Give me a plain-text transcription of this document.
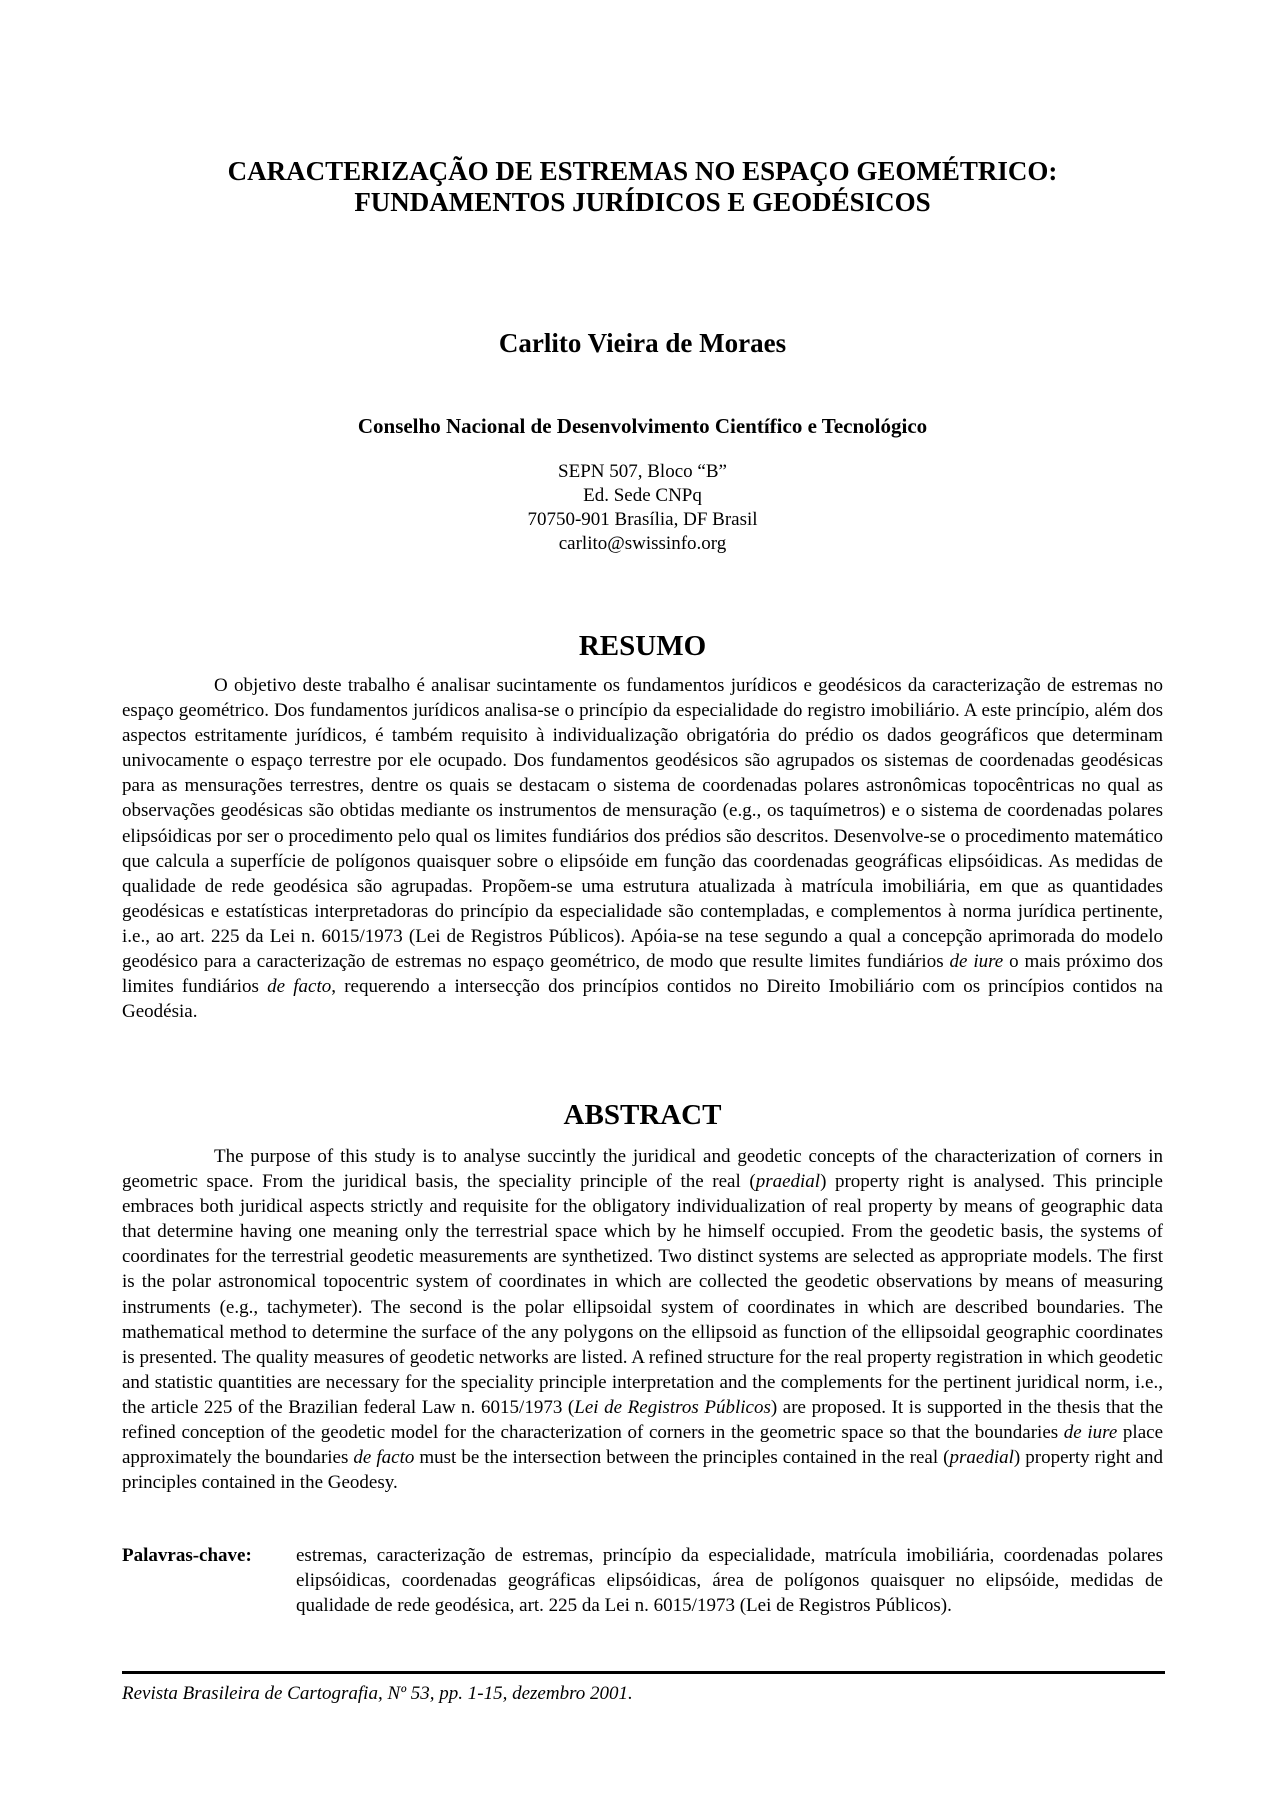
CARACTERIZAÇÃO DE ESTREMAS NO ESPAÇO GEOMÉTRICO:
FUNDAMENTOS JURÍDICOS E GEODÉSICOS
Carlito Vieira de Moraes
Conselho Nacional de Desenvolvimento Científico e Tecnológico
SEPN 507, Bloco “B”
Ed. Sede CNPq
70750-901 Brasília, DF Brasil
carlito@swissinfo.org
RESUMO
O objetivo deste trabalho é analisar sucintamente os fundamentos jurídicos e geodésicos da caracterização de estremas no espaço geométrico. Dos fundamentos jurídicos analisa-se o princípio da especialidade do registro imobiliário. A este princípio, além dos aspectos estritamente jurídicos, é também requisito à individualização obrigatória do prédio os dados geográficos que determinam univocamente o espaço terrestre por ele ocupado. Dos fundamentos geodésicos são agrupados os sistemas de coordenadas geodésicas para as mensurações terrestres, dentre os quais se destacam o sistema de coordenadas polares astronômicas topocêntricas no qual as observações geodésicas são obtidas mediante os instrumentos de mensuração (e.g., os taquímetros) e o sistema de coordenadas polares elipsóidicas por ser o procedimento pelo qual os limites fundiários dos prédios são descritos. Desenvolve-se o procedimento matemático que calcula a superfície de polígonos quaisquer sobre o elipsóide em função das coordenadas geográficas elipsóidicas. As medidas de qualidade de rede geodésica são agrupadas. Propõem-se uma estrutura atualizada à matrícula imobiliária, em que as quantidades geodésicas e estatísticas interpretadoras do princípio da especialidade são contempladas, e complementos à norma jurídica pertinente, i.e., ao art. 225 da Lei n. 6015/1973 (Lei de Registros Públicos). Apóia-se na tese segundo a qual a concepção aprimorada do modelo geodésico para a caracterização de estremas no espaço geométrico, de modo que resulte limites fundiários de iure o mais próximo dos limites fundiários de facto, requerendo a intersecção dos princípios contidos no Direito Imobiliário com os princípios contidos na Geodésia.
ABSTRACT
The purpose of this study is to analyse succintly the juridical and geodetic concepts of the characterization of corners in geometric space. From the juridical basis, the speciality principle of the real (praedial) property right is analysed. This principle embraces both juridical aspects strictly and requisite for the obligatory individualization of real property by means of geographic data that determine having one meaning only the terrestrial space which by he himself occupied. From the geodetic basis, the systems of coordinates for the terrestrial geodetic measurements are synthetized. Two distinct systems are selected as appropriate models. The first is the polar astronomical topocentric system of coordinates in which are collected the geodetic observations by means of measuring instruments (e.g., tachymeter). The second is the polar ellipsoidal system of coordinates in which are described boundaries. The mathematical method to determine the surface of the any polygons on the ellipsoid as function of the ellipsoidal geographic coordinates is presented. The quality measures of geodetic networks are listed. A refined structure for the real property registration in which geodetic and statistic quantities are necessary for the speciality principle interpretation and the complements for the pertinent juridical norm, i.e., the article 225 of the Brazilian federal Law n. 6015/1973 (Lei de Registros Públicos) are proposed. It is supported in the thesis that the refined conception of the geodetic model for the characterization of corners in the geometric space so that the boundaries de iure place approximately the boundaries de facto must be the intersection between the principles contained in the real (praedial) property right and principles contained in the Geodesy.
Palavras-chave: estremas, caracterização de estremas, princípio da especialidade, matrícula imobiliária, coordenadas polares elipsóidicas, coordenadas geográficas elipsóidicas, área de polígonos quaisquer no elipsóide, medidas de qualidade de rede geodésica, art. 225 da Lei n. 6015/1973 (Lei de Registros Públicos).
Revista Brasileira de Cartografia, Nº 53, pp. 1-15, dezembro 2001.
